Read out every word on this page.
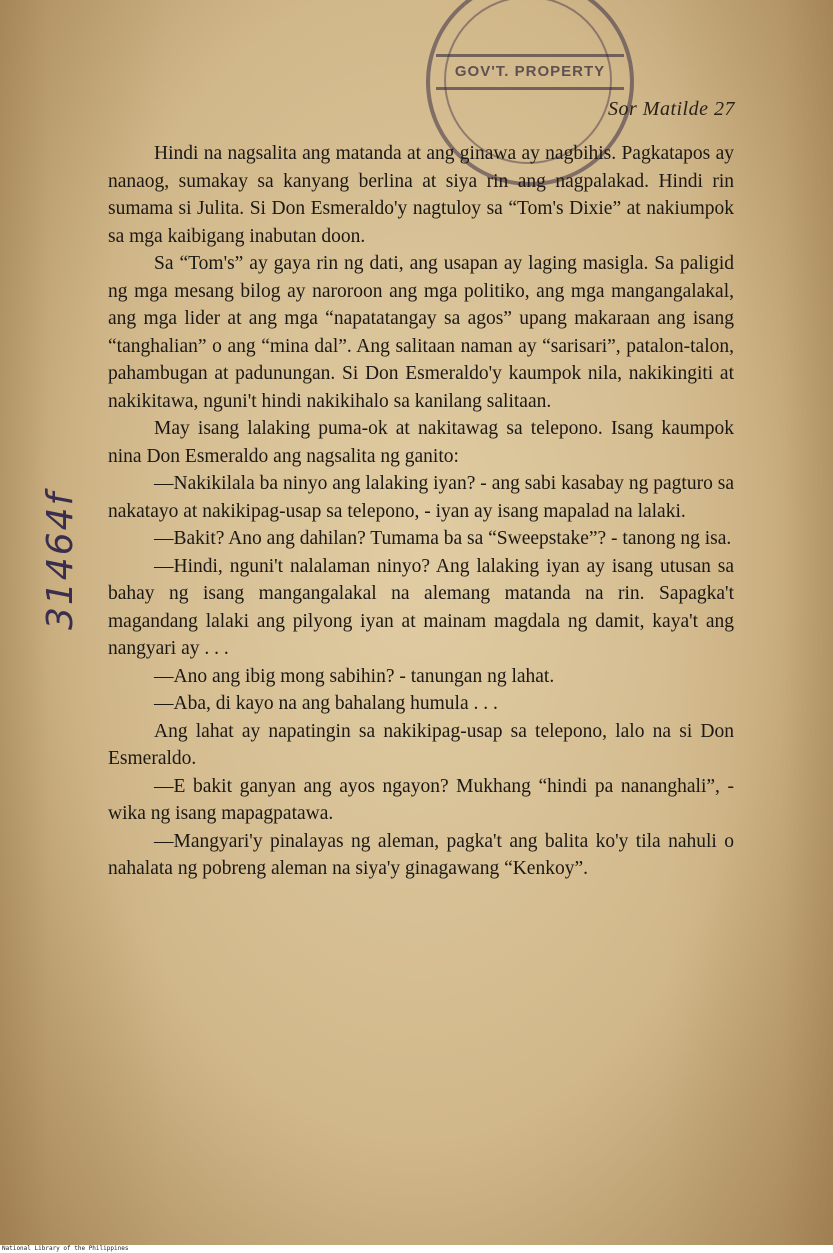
GOV'T. PROPERTY
Sor Matilde 27
31464f

Hindi na nagsalita ang matanda at ang ginawa ay nagbihis. Pagkatapos ay nanaog, sumakay sa kanyang berlina at siya rin ang nagpalakad. Hindi rin sumama si Julita. Si Don Esmeraldo'y nagtuloy sa “Tom's Dixie” at nakiumpok sa mga kaibigang inabutan doon.

Sa “Tom's” ay gaya rin ng dati, ang usapan ay laging masigla. Sa paligid ng mga mesang bilog ay naroroon ang mga politiko, ang mga mangangalakal, ang mga lider at ang mga “napatatangay sa agos” upang makaraan ang isang “tanghalian” o ang “mina dal”. Ang salitaan naman ay “sarisari”, patalon-talon, pahambugan at padunungan. Si Don Esmeraldo'y kaumpok nila, nakikingiti at nakikitawa, nguni't hindi nakikihalo sa kanilang salitaan.

May isang lalaking puma-ok at nakitawag sa telepono. Isang kaumpok nina Don Esmeraldo ang nagsalita ng ganito:

—Nakikilala ba ninyo ang lalaking iyan? - ang sabi kasabay ng pagturo sa nakatayo at nakikipag-usap sa telepono, - iyan ay isang mapalad na lalaki.

—Bakit? Ano ang dahilan? Tumama ba sa “Sweepstake”? - tanong ng isa.

—Hindi, nguni't nalalaman ninyo? Ang lalaking iyan ay isang utusan sa bahay ng isang mangangalakal na alemang matanda na rin. Sapagka't magandang lalaki ang pilyong iyan at mainam magdala ng damit, kaya't ang nangyari ay . . .

—Ano ang ibig mong sabihin? - tanungan ng lahat.

—Aba, di kayo na ang bahalang humula . . .

Ang lahat ay napatingin sa nakikipag-usap sa telepono, lalo na si Don Esmeraldo.

—E bakit ganyan ang ayos ngayon? Mukhang “hindi pa nananghali”, - wika ng isang mapagpatawa.

—Mangyari'y pinalayas ng aleman, pagka't ang balita ko'y tila nahuli o nahalata ng pobreng aleman na siya'y ginagawang “Kenkoy”.

National Library of the Philippines
